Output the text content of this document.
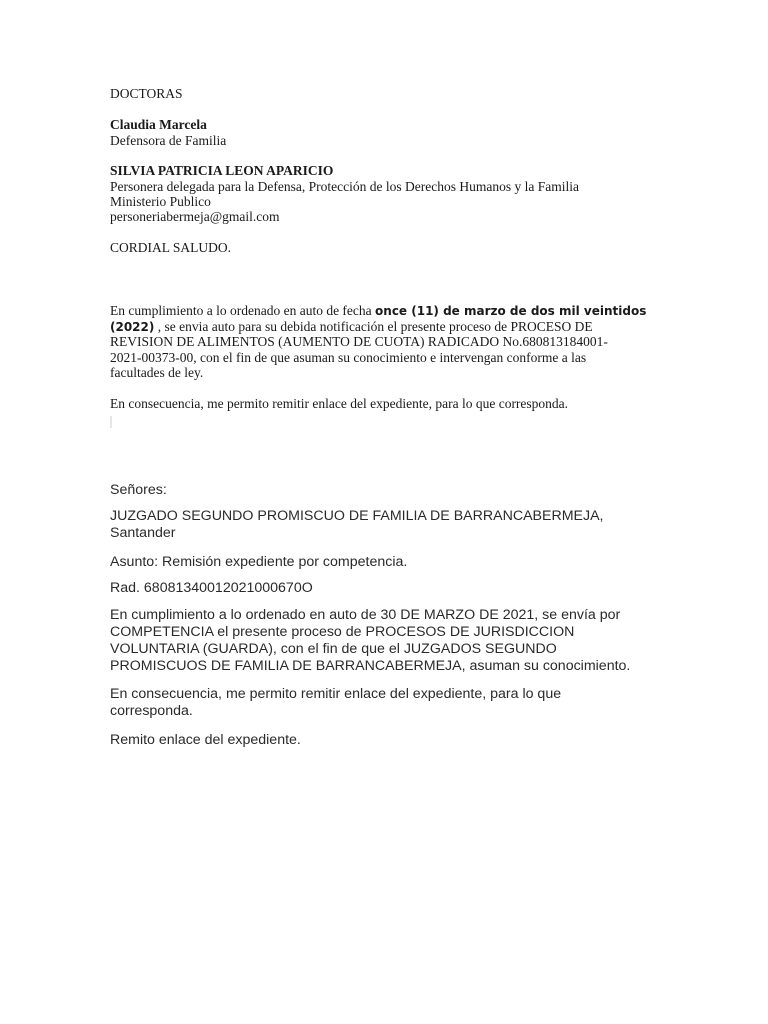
DOCTORAS
Claudia Marcela
Defensora de Familia
SILVIA PATRICIA LEON APARICIO
Personera delegada para la Defensa, Protección de los Derechos Humanos y la Familia
Ministerio Publico
personeriabermeja@gmail.com
CORDIAL SALUDO.
En cumplimiento a lo ordenado en auto de fecha once (11) de marzo de dos mil veintidos
(2022) , se envia auto para su debida notificación el presente proceso de PROCESO DE
REVISION DE ALIMENTOS (AUMENTO DE CUOTA) RADICADO No.680813184001-
2021-00373-00, con el fin de que asuman su conocimiento e intervengan conforme a las
facultades de ley.
En consecuencia, me permito remitir enlace del expediente, para lo que corresponda.
Señores:
JUZGADO SEGUNDO PROMISCUO DE FAMILIA DE BARRANCABERMEJA,
Santander
Asunto: Remisión expediente por competencia.
Rad. 68081340012021000670O
En cumplimiento a lo ordenado en auto de 30 DE MARZO DE 2021, se envía por
COMPETENCIA el presente proceso de PROCESOS DE JURISDICCION
VOLUNTARIA (GUARDA), con el fin de que el JUZGADOS SEGUNDO
PROMISCUOS DE FAMILIA DE BARRANCABERMEJA, asuman su conocimiento.
En consecuencia, me permito remitir enlace del expediente, para lo que
corresponda.
Remito enlace del expediente.
